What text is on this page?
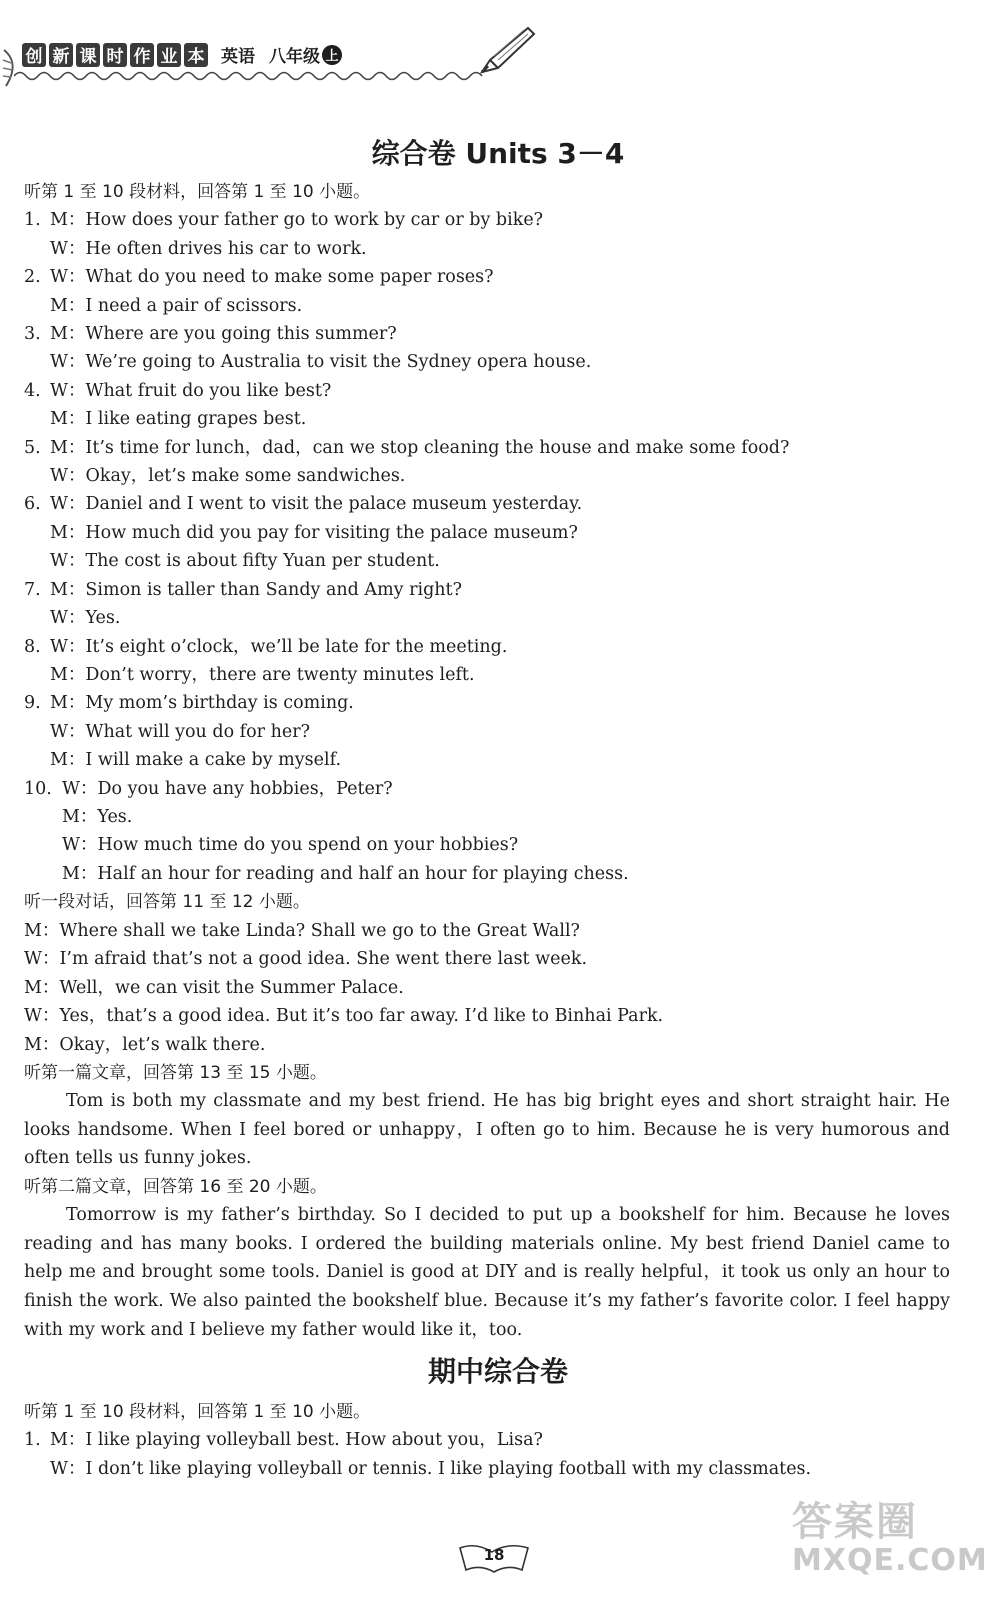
创 新 课 时 作 业 本 英语 八年级 上
综合卷 Units 3－4
听第 1 至 10 段材料，回答第 1 至 10 小题。
1. M：How does your father go to work by car or by bike?
W：He often drives his car to work.
2. W：What do you need to make some paper roses?
M：I need a pair of scissors.
3. M：Where are you going this summer?
W：We’re going to Australia to visit the Sydney opera house.
4. W：What fruit do you like best?
M：I like eating grapes best.
5. M：It’s time for lunch，dad，can we stop cleaning the house and make some food?
W：Okay，let’s make some sandwiches.
6. W：Daniel and I went to visit the palace museum yesterday.
M：How much did you pay for visiting the palace museum?
W：The cost is about fifty Yuan per student.
7. M：Simon is taller than Sandy and Amy right?
W：Yes.
8. W：It’s eight o’clock，we’ll be late for the meeting.
M：Don’t worry，there are twenty minutes left.
9. M：My mom’s birthday is coming.
W：What will you do for her?
M：I will make a cake by myself.
10. W：Do you have any hobbies，Peter?
M：Yes.
W：How much time do you spend on your hobbies?
M：Half an hour for reading and half an hour for playing chess.
听一段对话，回答第 11 至 12 小题。
M：Where shall we take Linda? Shall we go to the Great Wall?
W：I’m afraid that’s not a good idea. She went there last week.
M：Well，we can visit the Summer Palace.
W：Yes，that’s a good idea. But it’s too far away. I’d like to Binhai Park.
M：Okay，let’s walk there.
听第一篇文章，回答第 13 至 15 小题。
Tom is both my classmate and my best friend. He has big bright eyes and short straight hair. He looks handsome. When I feel bored or unhappy，I often go to him. Because he is very humorous and often tells us funny jokes.
听第二篇文章，回答第 16 至 20 小题。
Tomorrow is my father’s birthday. So I decided to put up a bookshelf for him. Because he loves reading and has many books. I ordered the building materials online. My best friend Daniel came to help me and brought some tools. Daniel is good at DIY and is really helpful，it took us only an hour to finish the work. We also painted the bookshelf blue. Because it’s my father’s favorite color. I feel happy with my work and I believe my father would like it，too.
期中综合卷
听第 1 至 10 段材料，回答第 1 至 10 小题。
1. M：I like playing volleyball best. How about you，Lisa?
W：I don’t like playing volleyball or tennis. I like playing football with my classmates.
18
答案圈
MXQE.COM
